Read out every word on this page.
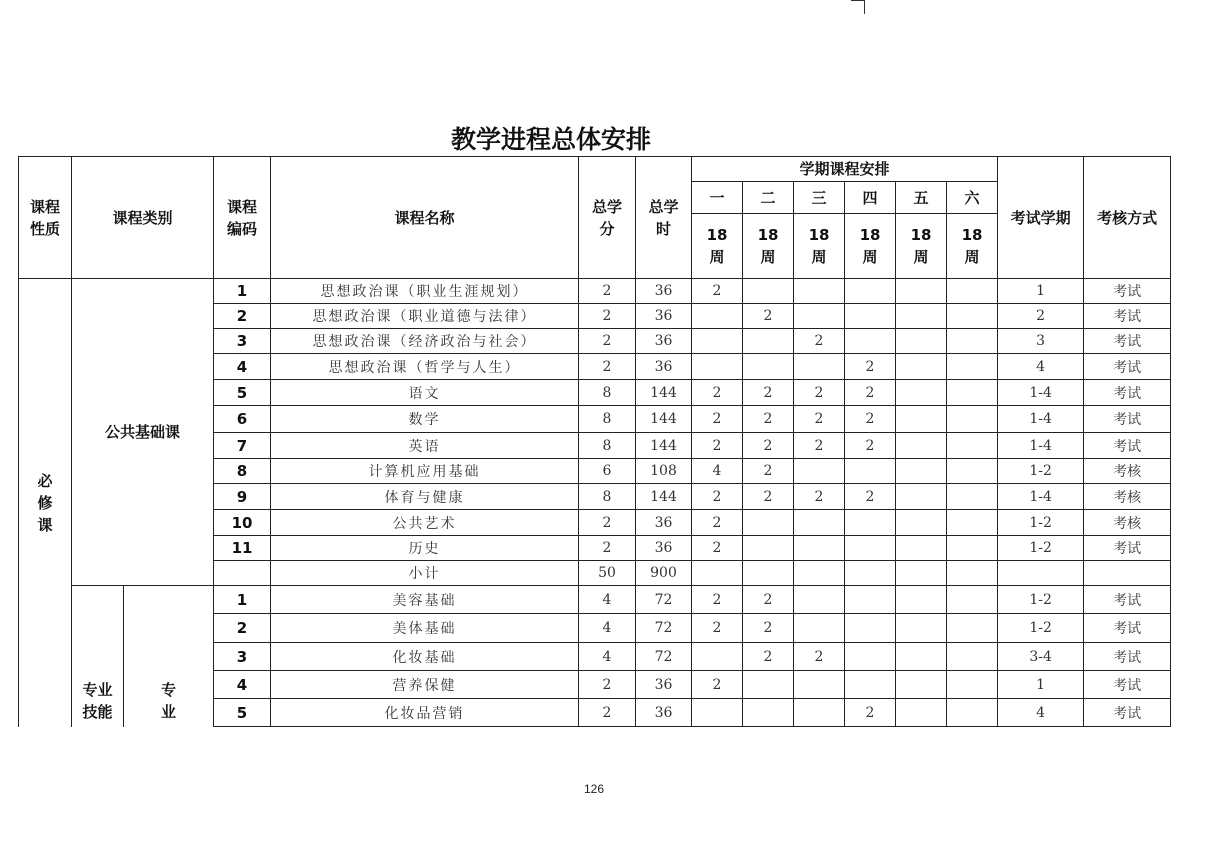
教学进程总体安排
课程性质	课程类别		课程编码	课程名称	总学分	总学时	学期课程安排						考试学期	考核方式
							一	二	三	四	五	六		
							18周	18周	18周	18周	18周	18周		
必修课	公共基础课		1	思想政治课（职业生涯规划）	2	36	2						1	考试
			2	思想政治课（职业道德与法律）	2	36		2					2	考试
			3	思想政治课（经济政治与社会）	2	36			2				3	考试
			4	思想政治课（哲学与人生）	2	36				2			4	考试
			5	语文	8	144	2	2	2	2			1-4	考试
			6	数学	8	144	2	2	2	2			1-4	考试
			7	英语	8	144	2	2	2	2			1-4	考试
			8	计算机应用基础	6	108	4	2					1-2	考核
			9	体育与健康	8	144	2	2	2	2			1-4	考核
			10	公共艺术	2	36	2						1-2	考核
			11	历史	2	36	2						1-2	考试
				小计	50	900								
	专业技能	专业	1	美容基础	4	72	2	2					1-2	考试
			2	美体基础	4	72	2	2					1-2	考试
			3	化妆基础	4	72		2	2				3-4	考试
			4	营养保健	2	36	2						1	考试
			5	化妆品营销	2	36				2			4	考试
126
